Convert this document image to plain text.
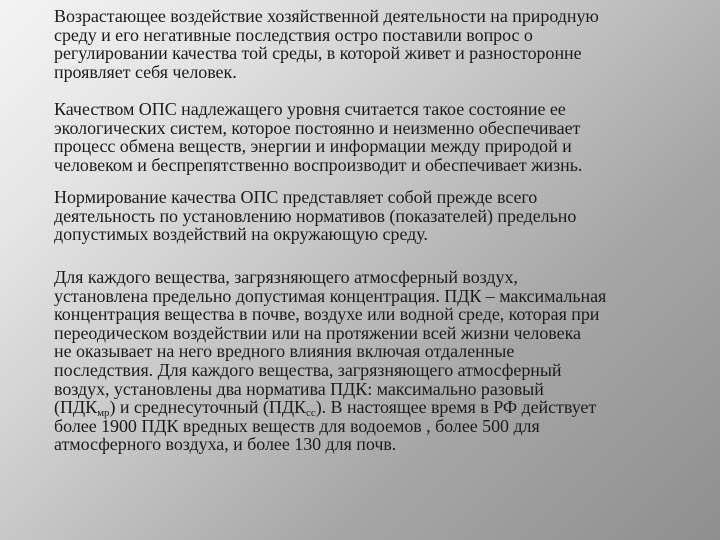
Возрастающее воздействие хозяйственной деятельности на природную
среду и его негативные последствия остро поставили вопрос о
регулировании качества той среды, в которой живет и разносторонне
проявляет себя человек.

Качеством ОПС надлежащего уровня считается такое состояние ее
экологических систем, которое постоянно и неизменно обеспечивает
процесс обмена веществ, энергии и информации между природой и
человеком и беспрепятственно воспроизводит и обеспечивает жизнь.

Нормирование качества ОПС представляет собой прежде всего
деятельность по установлению нормативов (показателей) предельно
допустимых воздействий на окружающую среду.

Для каждого вещества, загрязняющего атмосферный воздух,
установлена предельно допустимая концентрация. ПДК – максимальная
концентрация вещества в почве, воздухе или водной среде, которая при
переодическом воздействии или на протяжении всей жизни человека
не оказывает на него вредного влияния включая отдаленные
последствия. Для каждого вещества, загрязняющего атмосферный
воздух, установлены два норматива ПДК: максимально разовый
$(ПДК_{мр})$ и среднесуточный $(ПДК_{сс})$. В настоящее время в РФ действует
более 1900 ПДК вредных веществ для водоемов , более 500 для
атмосферного воздуха, и более 130 для почв.
